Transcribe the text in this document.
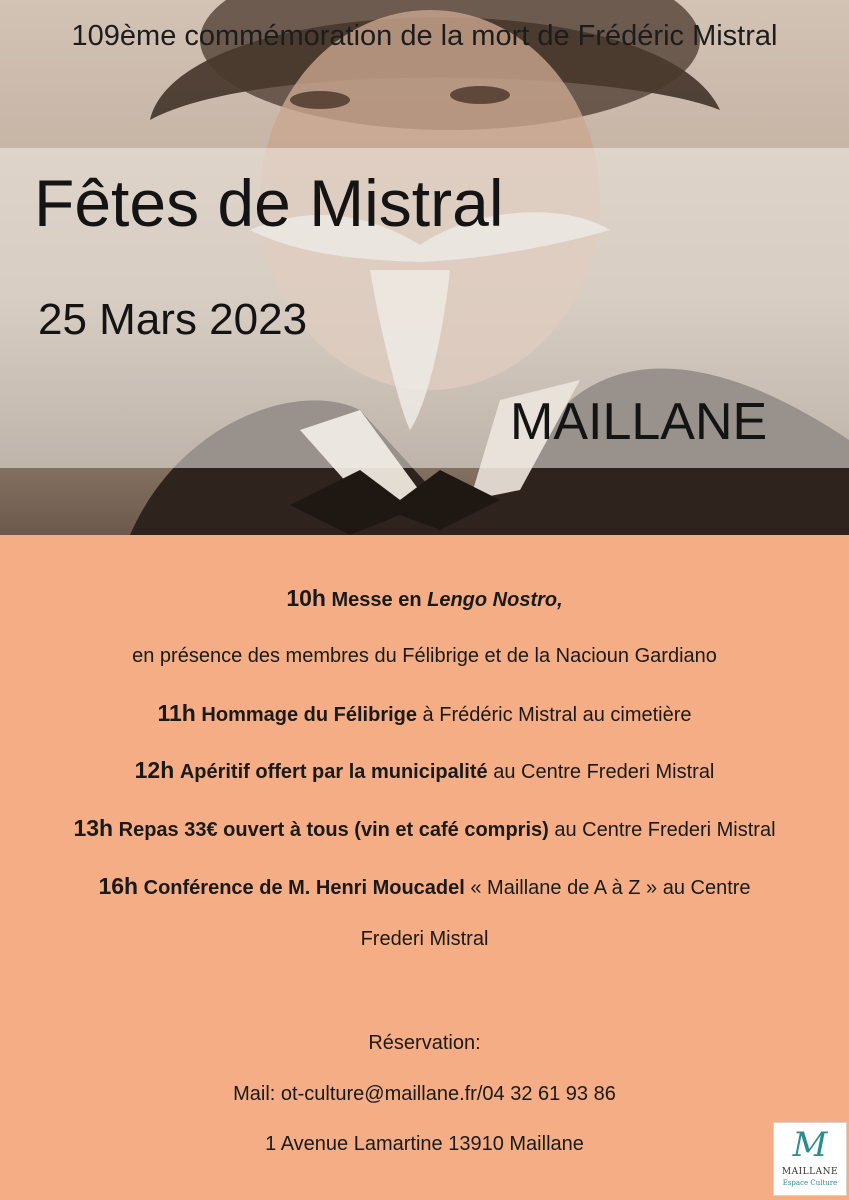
109ème commémoration de la mort de Frédéric Mistral
Fêtes de Mistral
25 Mars 2023
MAILLANE
10h Messe en Lengo Nostro,
en présence des membres du Félibrige et de la Nacioun Gardiano
11h Hommage du Félibrige à Frédéric Mistral au cimetière
12h Apéritif offert par la municipalité au Centre Frederi Mistral
13h Repas 33€ ouvert à tous (vin et café compris) au Centre Frederi Mistral
16h Conférence de M. Henri Moucadel « Maillane de A à Z » au Centre
Frederi Mistral
Réservation:
Mail: ot-culture@maillane.fr/04 32 61 93 86
1 Avenue Lamartine 13910 Maillane	M
MAILLANE
Espace Culture
